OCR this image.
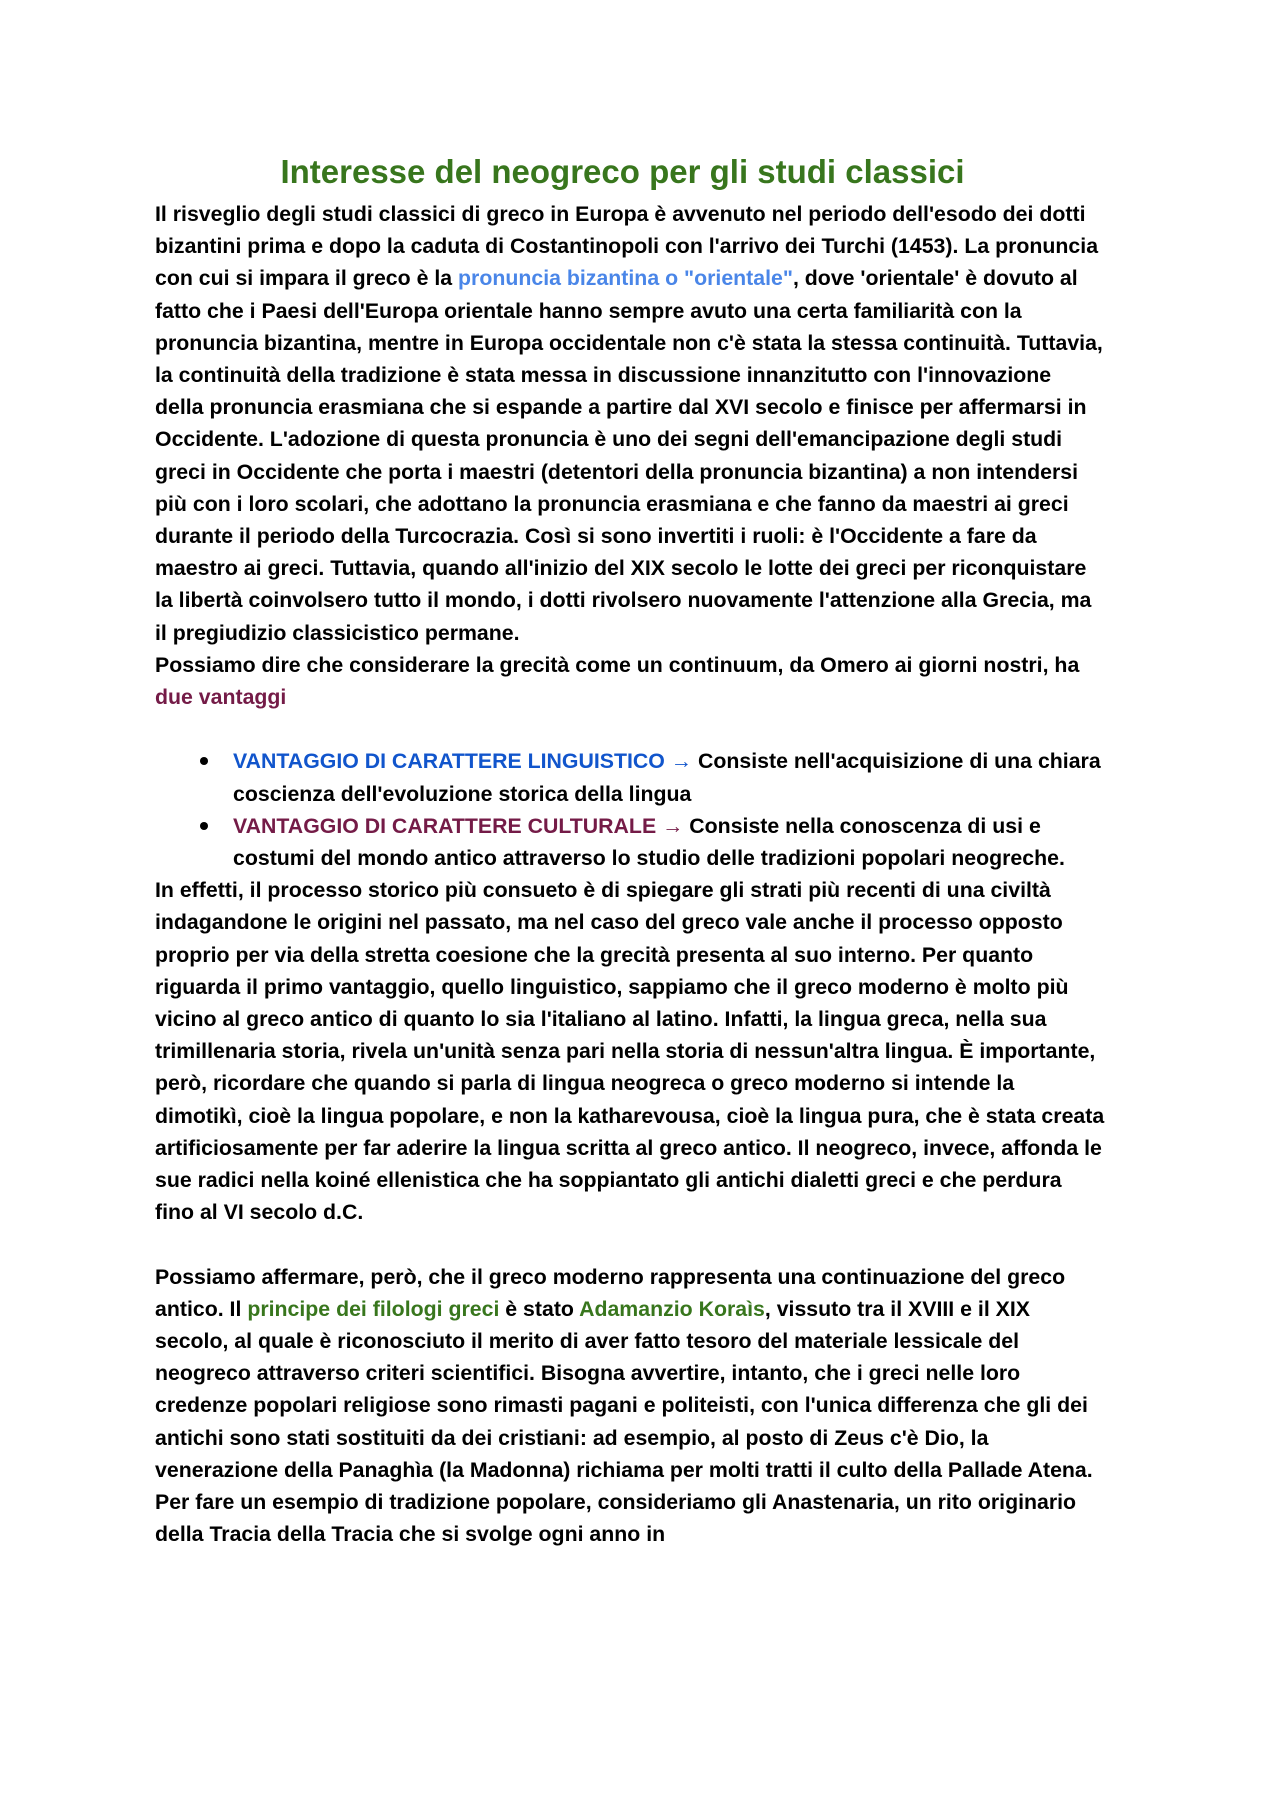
Interesse del neogreco per gli studi classici

Il risveglio degli studi classici di greco in Europa è avvenuto nel periodo dell'esodo dei dotti bizantini prima e dopo la caduta di Costantinopoli con l'arrivo dei Turchi (1453). La pronuncia con cui si impara il greco è la pronuncia bizantina o "orientale", dove 'orientale' è dovuto al fatto che i Paesi dell'Europa orientale hanno sempre avuto una certa familiarità con la pronuncia bizantina, mentre in Europa occidentale non c'è stata la stessa continuità. Tuttavia, la continuità della tradizione è stata messa in discussione innanzitutto con l'innovazione della pronuncia erasmiana che si espande a partire dal XVI secolo e finisce per affermarsi in Occidente. L'adozione di questa pronuncia è uno dei segni dell'emancipazione degli studi greci in Occidente che porta i maestri (detentori della pronuncia bizantina) a non intendersi più con i loro scolari, che adottano la pronuncia erasmiana e che fanno da maestri ai greci durante il periodo della Turcocrazia. Così si sono invertiti i ruoli: è l'Occidente a fare da maestro ai greci. Tuttavia, quando all'inizio del XIX secolo le lotte dei greci per riconquistare la libertà coinvolsero tutto il mondo, i dotti rivolsero nuovamente l'attenzione alla Grecia, ma il pregiudizio classicistico permane.

Possiamo dire che considerare la grecità come un continuum, da Omero ai giorni nostri, ha due vantaggi

VANTAGGIO DI CARATTERE LINGUISTICO → Consiste nell'acquisizione di una chiara coscienza dell'evoluzione storica della lingua
VANTAGGIO DI CARATTERE CULTURALE → Consiste nella conoscenza di usi e costumi del mondo antico attraverso lo studio delle tradizioni popolari neogreche.

In effetti, il processo storico più consueto è di spiegare gli strati più recenti di una civiltà indagandone le origini nel passato, ma nel caso del greco vale anche il processo opposto proprio per via della stretta coesione che la grecità presenta al suo interno. Per quanto riguarda il primo vantaggio, quello linguistico, sappiamo che il greco moderno è molto più vicino al greco antico di quanto lo sia l'italiano al latino. Infatti, la lingua greca, nella sua trimillenaria storia, rivela un'unità senza pari nella storia di nessun'altra lingua. È importante, però, ricordare che quando si parla di lingua neogreca o greco moderno si intende la dimotikì, cioè la lingua popolare, e non la katharevousa, cioè la lingua pura, che è stata creata artificiosamente per far aderire la lingua scritta al greco antico. Il neogreco, invece, affonda le sue radici nella koiné ellenistica che ha soppiantato gli antichi dialetti greci e che perdura fino al VI secolo d.C.

Possiamo affermare, però, che il greco moderno rappresenta una continuazione del greco antico. Il principe dei filologi greci è stato Adamanzio Koraìs, vissuto tra il XVIII e il XIX secolo, al quale è riconosciuto il merito di aver fatto tesoro del materiale lessicale del neogreco attraverso criteri scientifici. Bisogna avvertire, intanto, che i greci nelle loro credenze popolari religiose sono rimasti pagani e politeisti, con l'unica differenza che gli dei antichi sono stati sostituiti da dei cristiani: ad esempio, al posto di Zeus c'è Dio, la venerazione della Panaghìa (la Madonna) richiama per molti tratti il culto della Pallade Atena. Per fare un esempio di tradizione popolare, consideriamo gli Anastenaria, un rito originario della Tracia della Tracia che si svolge ogni anno in
